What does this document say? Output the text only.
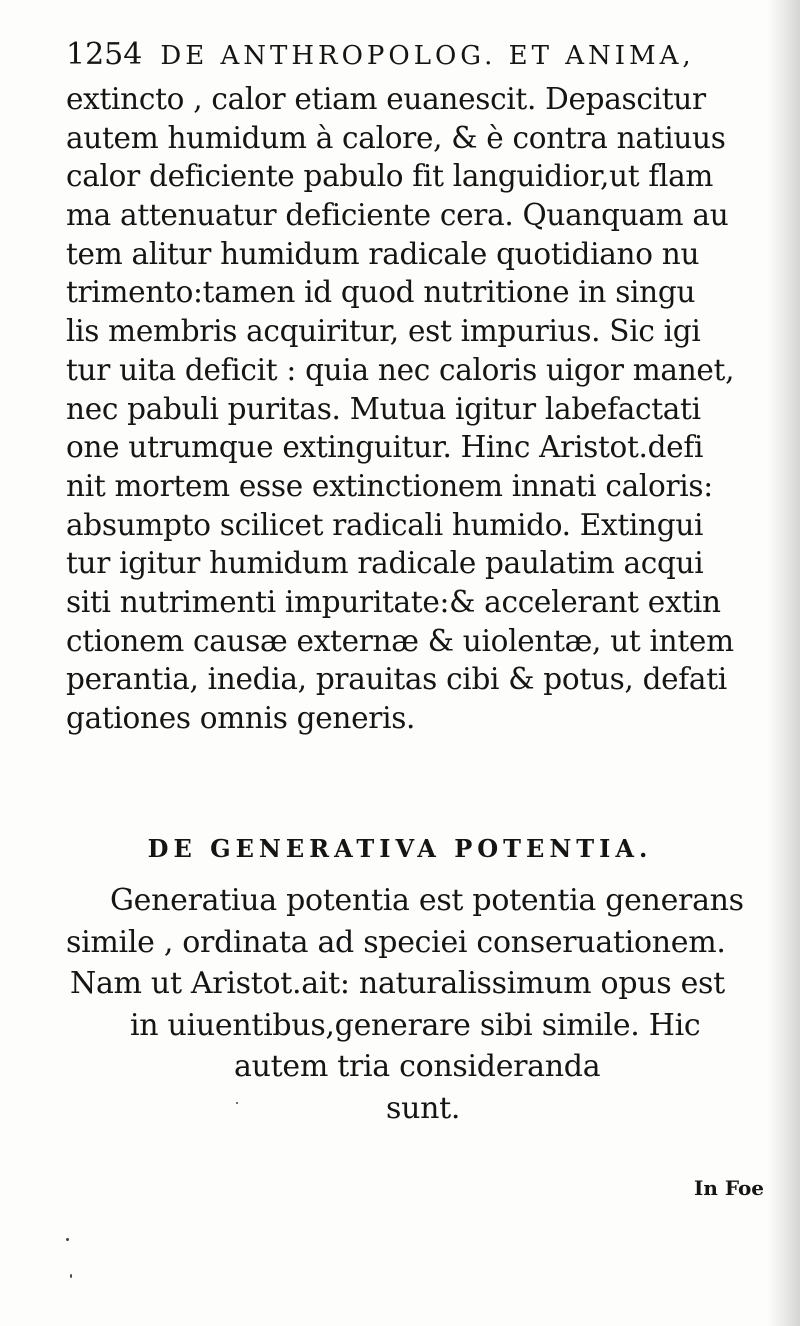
1254 DE ANTHROPOLOG. ET ANIMA,
extincto , calor etiam euanescit. Depascitur
autem humidum à calore, & è contra natiuus
calor deficiente pabulo fit languidior,ut flam
ma attenuatur deficiente cera. Quanquam au
tem alitur humidum radicale quotidiano nu
trimento:tamen id quod nutritione in singu
lis membris acquiritur, est impurius. Sic igi
tur uita deficit : quia nec caloris uigor manet,
nec pabuli puritas. Mutua igitur labefactati
one utrumque extinguitur. Hinc Aristot.defi
nit mortem esse extinctionem innati caloris:
absumpto scilicet radicali humido. Extingui
tur igitur humidum radicale paulatim acqui
siti nutrimenti impuritate:& accelerant extin
ctionem causæ externæ & uiolentæ, ut intem
perantia, inedia, prauitas cibi & potus, defati
gationes omnis generis.
DE GENERATIVA POTENTIA.
Generatiua potentia est potentia generans
simile , ordinata ad speciei conseruationem.
Nam ut Aristot.ait: naturalissimum opus est
in uiuentibus,generare sibi simile. Hic
autem tria consideranda
sunt.
In Foe
